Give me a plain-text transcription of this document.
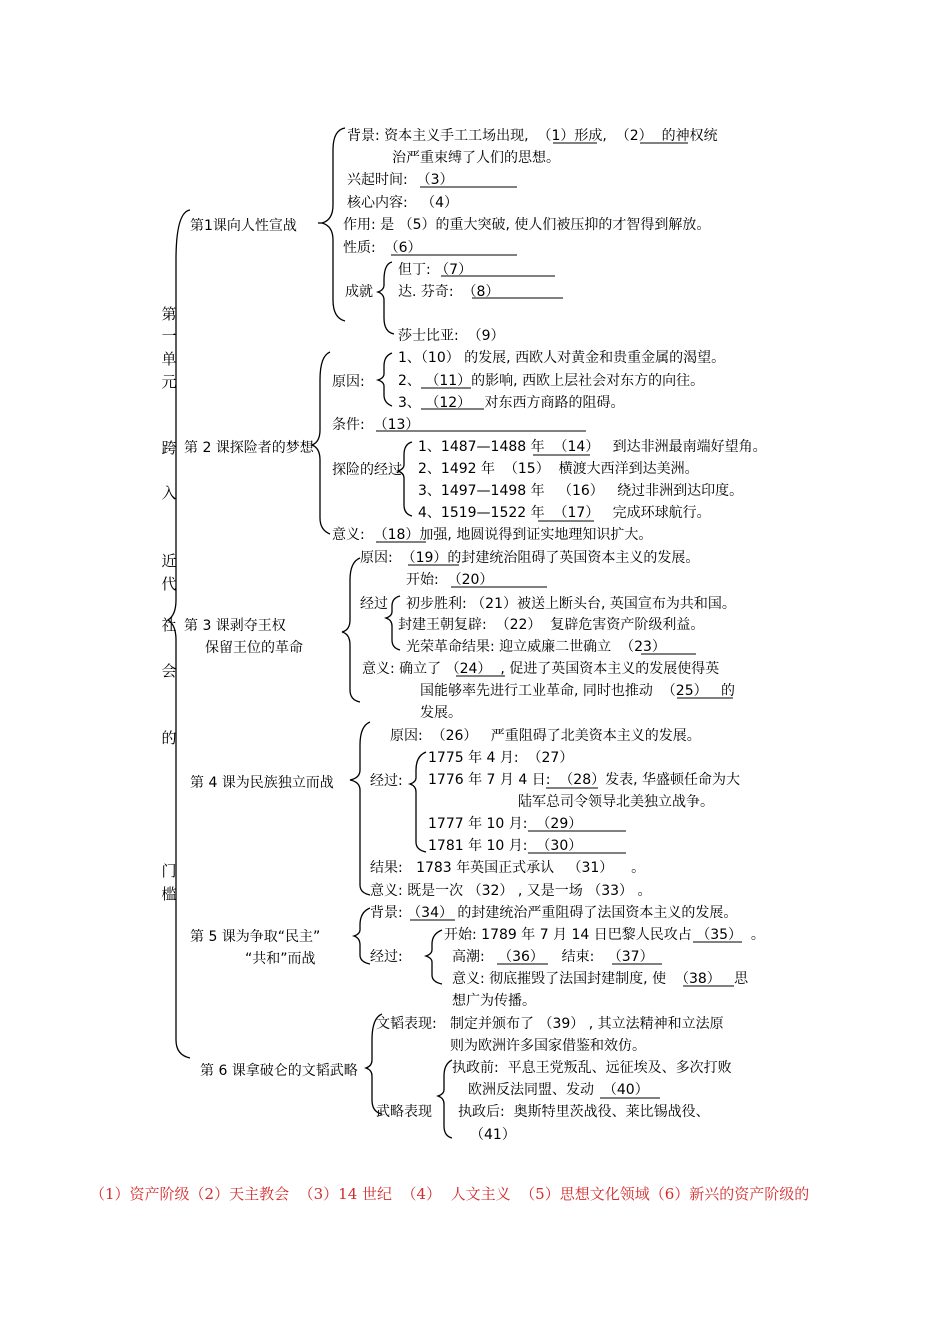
第
一
单
元
跨
入
近
代
社
会
的
门
槛
第1课向人性宣战
第 2 课探险者的梦想
第 3 课剥夺王权
保留王位的革命
第 4 课为民族独立而战
第 5 课为争取“民主”
“共和”而战
第 6 课拿破仑的文韬武略
背景: 资本主义手工工场出现,  （1）形成,  （2）  的神权统
治严重束缚了人们的思想。
兴起时间:  （3）
核心内容:   （4）
作用: 是 （5）的重大突破, 使人们被压抑的才智得到解放。
性质:  （6）
但丁: （7）
成就 达. 芬奇:  （8）
莎士比亚:  （9）
原因:
1、（10） 的发展, 西欧人对黄金和贵重金属的渴望。
2、 （11）的影响, 西欧上层社会对东方的向往。
3、 （12）   对东西方商路的阻碍。
条件:  （13）
探险的经过
1、1487—1488 年  （14）   到达非洲最南端好望角。
2、1492 年  （15）  横渡大西洋到达美洲。
3、1497—1498 年   （16）   绕过非洲到达印度。
4、1519—1522 年  （17）   完成环球航行。
意义:  （18）加强, 地圆说得到证实地理知识扩大。
原因:  （19）的封建统治阻碍了英国资本主义的发展。
开始:  （20）
经过 初步胜利: （21）被送上断头台, 英国宣布为共和国。
封建王朝复辟:  （22）  复辟危害资产阶级利益。
光荣革命结果: 迎立威廉二世确立  （23）
意义: 确立了 （24）  , 促进了英国资本主义的发展使得英
国能够率先进行工业革命, 同时也推动  （25）   的
发展。
原因:  （26）   严重阻碍了北美资本主义的发展。
经过:
1775 年 4 月:  （27）
1776 年 7 月 4 日:  （28）发表, 华盛顿任命为大
陆军总司令领导北美独立战争。
1777 年 10 月:  （29）
1781 年 10 月:  （30）
结果:   1783 年英国正式承认   （31）    。
意义: 既是一次 （32） , 又是一场 （33） 。
背景: （34） 的封建统治严重阻碍了法国资本主义的发展。
经过:
开始: 1789 年 7 月 14 日巴黎人民攻占 （35）  。
高潮:   （36）    结束:   （37）
意义: 彻底摧毁了法国封建制度, 使  （38）   思
想广为传播。
文韬表现: 制定并颁布了 （39） , 其立法精神和立法原
则为欧洲许多国家借鉴和效仿。
武略表现
执政前:  平息王党叛乱、远征埃及、多次打败
欧洲反法同盟、发动  （40）
执政后:  奥斯特里茨战役、莱比锡战役、
（41）
（1）资产阶级（2）天主教会  （3）14 世纪  （4）  人文主义  （5）思想文化领域（6）新兴的资产阶级的
